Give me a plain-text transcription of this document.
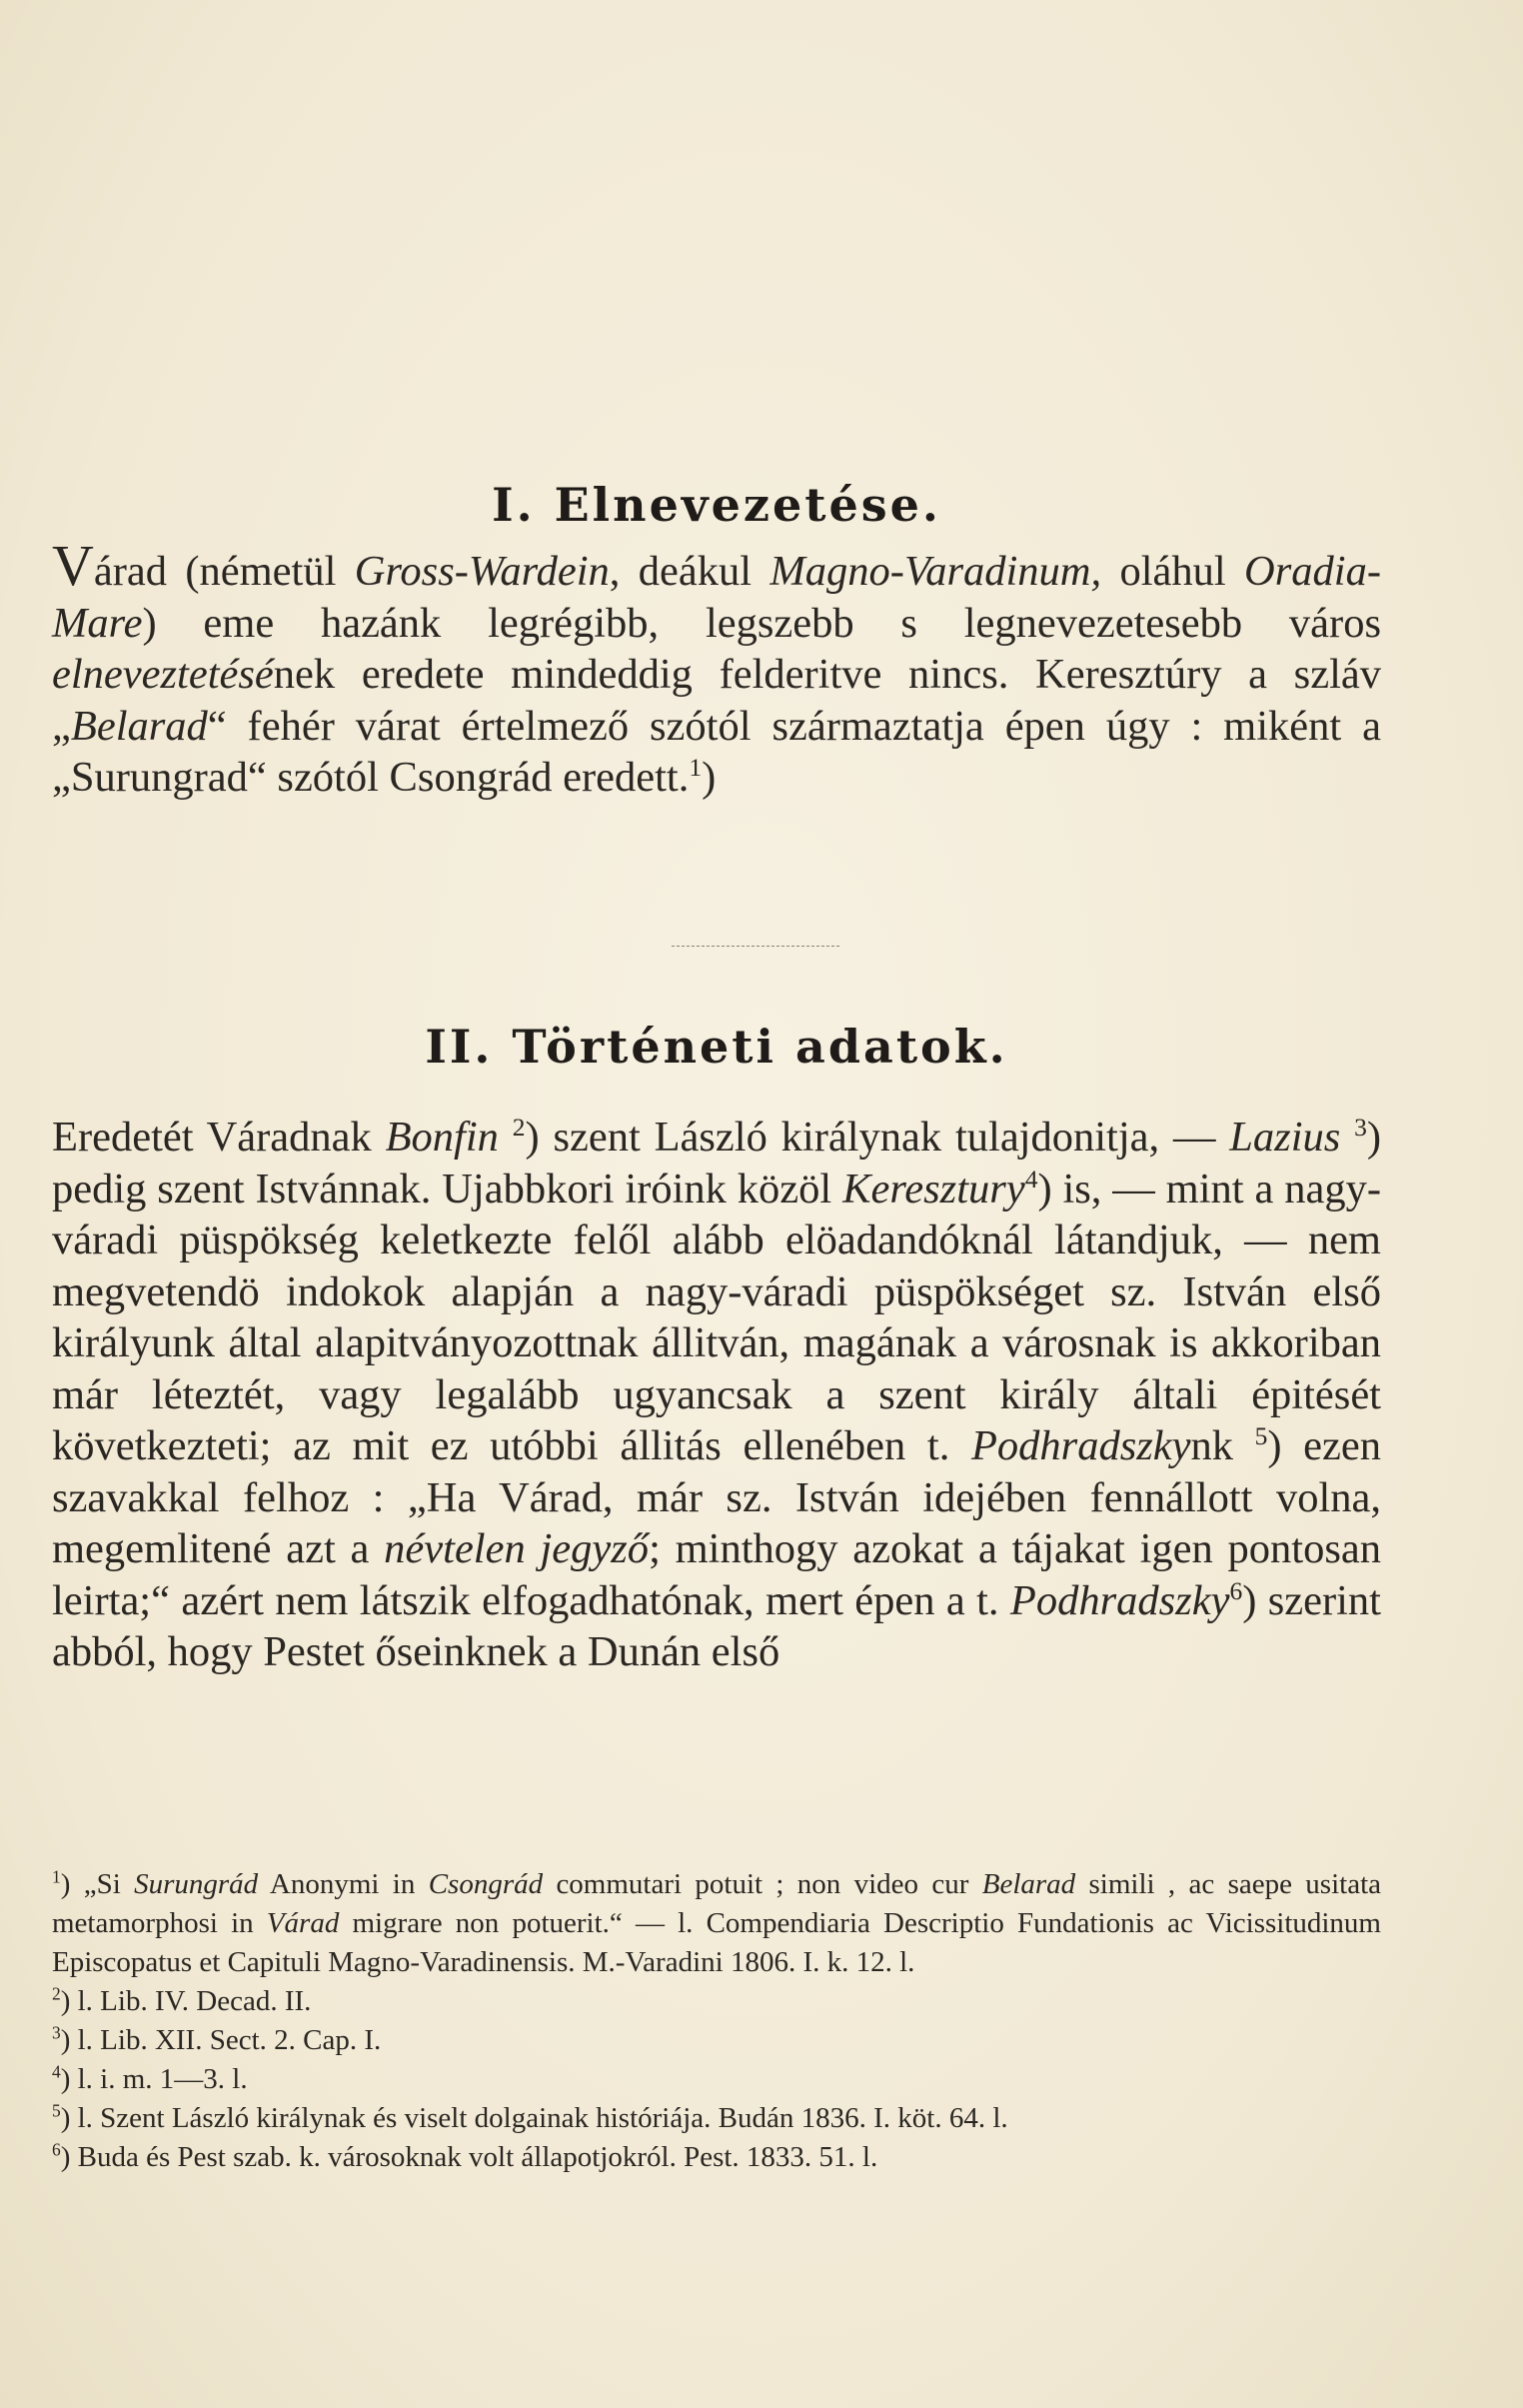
I. Elnevezetése.

Várad (németül Gross-Wardein, deákul Magno-Varadinum, oláhul Oradia-Mare) eme hazánk legrégibb, legszebb s legnevezetesebb város elneveztetésének eredete mindeddig felderitve nincs. Keresztúry a szláv „Belarad“ fehér várat értelmező szótól származtatja épen úgy : miként a „Surungrad“ szótól Csongrád eredett.$^1$)

II. Történeti adatok.

Eredetét Váradnak Bonfin $^2$) szent László királynak tulajdonitja, — Lazius $^3$) pedig szent Istvánnak. Ujabbkori iróink közöl Keresztury$^4$) is, — mint a nagy-váradi püspökség keletkezte felől alább elöadandóknál látandjuk, — nem megvetendö indokok alapján a nagy-váradi püspökséget sz. István első királyunk által alapitványozottnak állitván, magának a városnak is akkoriban már léteztét, vagy legalább ugyancsak a szent király általi épitését következteti; az mit ez utóbbi állitás ellenében t. Podhradszkynk $^5$) ezen szavakkal felhoz : „Ha Várad, már sz. István idejében fennállott volna, megemlitené azt a névtelen jegyző; minthogy azokat a tájakat igen pontosan leirta;“ azért nem látszik elfogadhatónak, mert épen a t. Podhradszky$^6$) szerint abból, hogy Pestet őseinknek a Dunán első

$^1$) „Si Surungrád Anonymi in Csongrád commutari potuit ; non video cur Belarad simili , ac saepe usitata metamorphosi in Várad migrare non potuerit.“ — l. Compendiaria Descriptio Fundationis ac Vicissitudinum Episcopatus et Capituli Magno-Varadinensis. M.-Varadini 1806. I. k. 12. l.

$^2$) l. Lib. IV. Decad. II.

$^3$) l. Lib. XII. Sect. 2. Cap. I.

$^4$) l. i. m. 1—3. l.

$^5$) l. Szent László királynak és viselt dolgainak históriája. Budán 1836. I. köt. 64. l.

$^6$) Buda és Pest szab. k. városoknak volt állapotjokról. Pest. 1833. 51. l.
